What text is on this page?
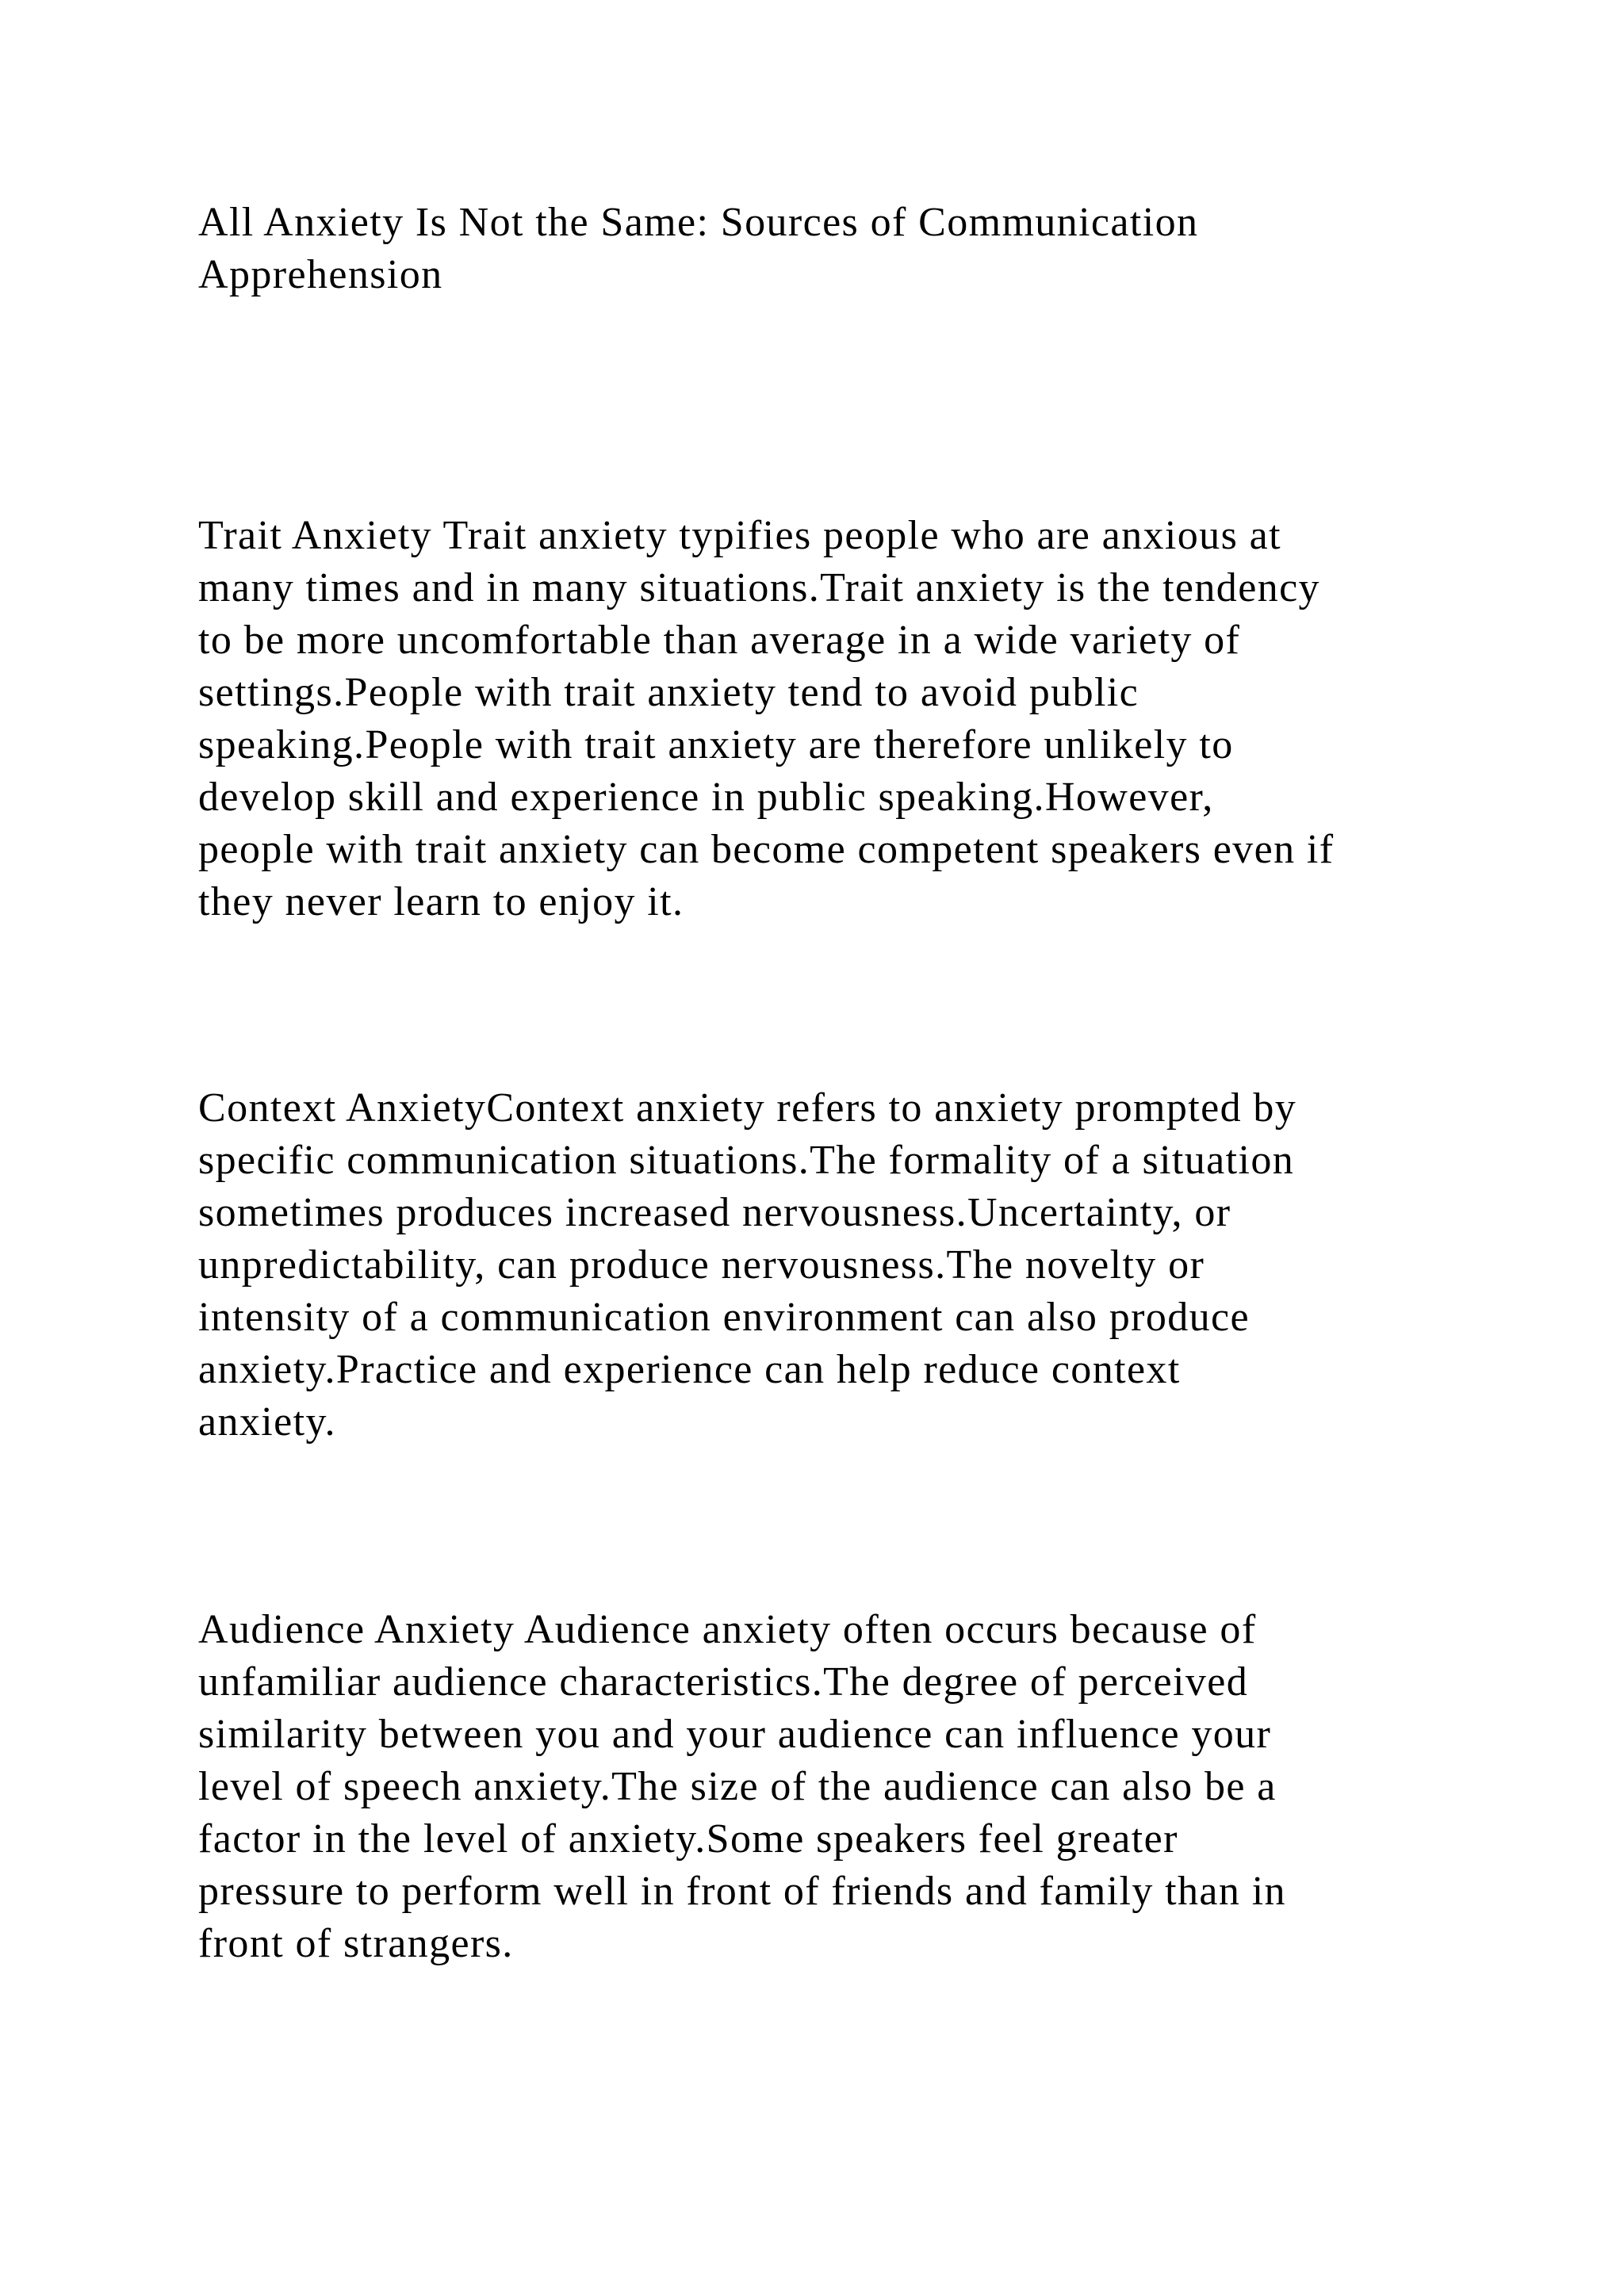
All Anxiety Is Not the Same: Sources of Communication
Apprehension

Trait Anxiety Trait anxiety typifies people who are anxious at
many times and in many situations.Trait anxiety is the tendency
to be more uncomfortable than average in a wide variety of
settings.People with trait anxiety tend to avoid public
speaking.People with trait anxiety are therefore unlikely to
develop skill and experience in public speaking.However,
people with trait anxiety can become competent speakers even if
they never learn to enjoy it.

Context AnxietyContext anxiety refers to anxiety prompted by
specific communication situations.The formality of a situation
sometimes produces increased nervousness.Uncertainty, or
unpredictability, can produce nervousness.The novelty or
intensity of a communication environment can also produce
anxiety.Practice and experience can help reduce context
anxiety.

Audience Anxiety Audience anxiety often occurs because of
unfamiliar audience characteristics.The degree of perceived
similarity between you and your audience can influence your
level of speech anxiety.The size of the audience can also be a
factor in the level of anxiety.Some speakers feel greater
pressure to perform well in front of friends and family than in
front of strangers.
